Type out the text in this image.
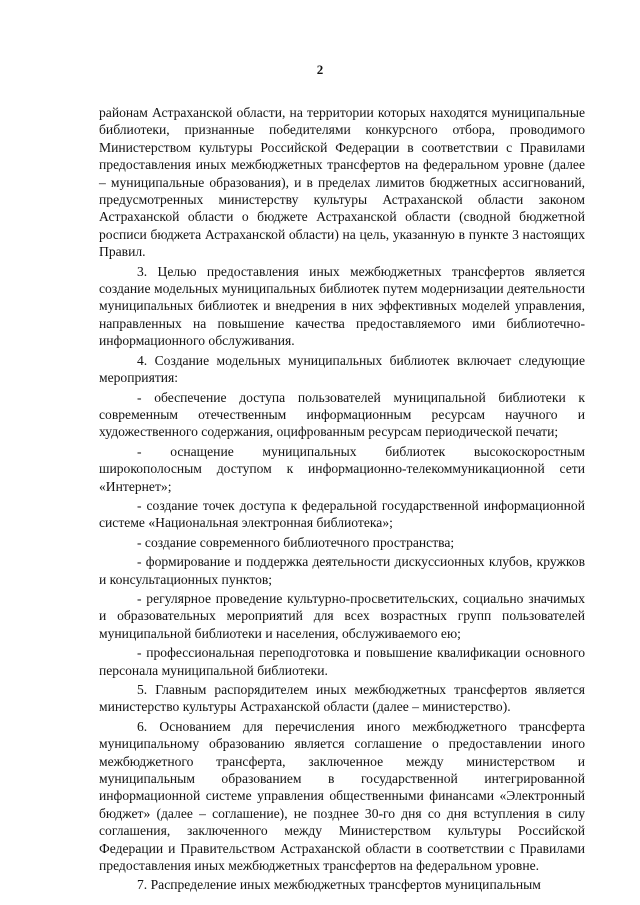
2

районам Астраханской области, на территории которых находятся муниципальные библиотеки, признанные победителями конкурсного отбора, проводимого Министерством культуры Российской Федерации в соответствии с Правилами предоставления иных межбюджетных трансфертов на федеральном уровне (далее – муниципальные образования), и в пределах лимитов бюджетных ассигнований, предусмотренных министерству культуры Астраханской области законом Астраханской области о бюджете Астраханской области (сводной бюджетной росписи бюджета Астраханской области) на цель, указанную в пункте 3 настоящих Правил.

3. Целью предоставления иных межбюджетных трансфертов является создание модельных муниципальных библиотек путем модернизации деятельности муниципальных библиотек и внедрения в них эффективных моделей управления, направленных на повышение качества предоставляемого ими библиотечно-информационного обслуживания.

4. Создание модельных муниципальных библиотек включает следующие мероприятия:

- обеспечение доступа пользователей муниципальной библиотеки к современным отечественным информационным ресурсам научного и художественного содержания, оцифрованным ресурсам периодической печати;

- оснащение муниципальных библиотек высокоскоростным широкополосным доступом к информационно-телекоммуникационной сети «Интернет»;

- создание точек доступа к федеральной государственной информационной системе «Национальная электронная библиотека»;

- создание современного библиотечного пространства;

- формирование и поддержка деятельности дискуссионных клубов, кружков и консультационных пунктов;

- регулярное проведение культурно-просветительских, социально значимых и образовательных мероприятий для всех возрастных групп пользователей муниципальной библиотеки и населения, обслуживаемого ею;

- профессиональная переподготовка и повышение квалификации основного персонала муниципальной библиотеки.

5. Главным распорядителем иных межбюджетных трансфертов является министерство культуры Астраханской области (далее – министерство).

6. Основанием для перечисления иного межбюджетного трансферта муниципальному образованию является соглашение о предоставлении иного межбюджетного трансферта, заключенное между министерством и муниципальным образованием в государственной интегрированной информационной системе управления общественными финансами «Электронный бюджет» (далее – соглашение), не позднее 30-го дня со дня вступления в силу соглашения, заключенного между Министерством культуры Российской Федерации и Правительством Астраханской области в соответствии с Правилами предоставления иных межбюджетных трансфертов на федеральном уровне.

7. Распределение иных межбюджетных трансфертов муниципальным
